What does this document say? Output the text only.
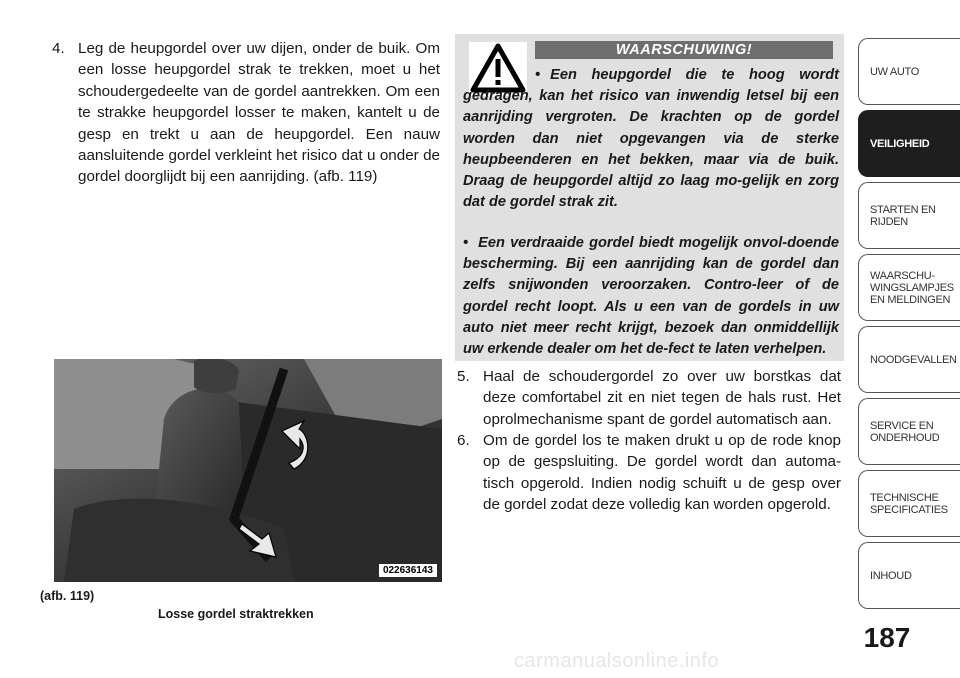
4. Leg de heupgordel over uw dijen, onder de buik. Om een losse heupgordel strak te trekken, moet u het schoudergedeelte van de gordel aantrekken. Om een te strakke heupgordel losser te maken, kantelt u de gesp en trekt u aan de heupgordel. Een nauw aansluitende gordel verkleint het risico dat u onder de gordel doorglijdt bij een aanrijding. (afb. 119)
022636143
(afb. 119)
Losse gordel straktrekken
WAARSCHUWING!
• Een heupgordel die te hoog wordt gedragen, kan het risico van inwendig letsel bij een aanrijding vergroten. De krachten op de gordel worden dan niet opgevangen via de sterke heupbeenderen en het bekken, maar via de buik. Draag de heupgordel altijd zo laag mo-gelijk en zorg dat de gordel strak zit.
• Een verdraaide gordel biedt mogelijk onvol-doende bescherming. Bij een aanrijding kan de gordel dan zelfs snijwonden veroorzaken. Contro-leer of de gordel recht loopt. Als u een van de gordels in uw auto niet meer recht krijgt, bezoek dan onmiddellijk uw erkende dealer om het de-fect te laten verhelpen.
5. Haal de schoudergordel zo over uw borstkas dat deze comfortabel zit en niet tegen de hals rust. Het oprolmechanisme spant de gordel automatisch aan.
6. Om de gordel los te maken drukt u op de rode knop op de gespsluiting. De gordel wordt dan automa-tisch opgerold. Indien nodig schuift u de gesp over de gordel zodat deze volledig kan worden opgerold.
UW AUTO
VEILIGHEID
STARTEN EN
RIJDEN
WAARSCHU-
WINGSLAMPJES
EN MELDINGEN
NOODGEVALLEN
SERVICE EN
ONDERHOUD
TECHNISCHE
SPECIFICATIES
INHOUD
187
carmanualsonline.info
